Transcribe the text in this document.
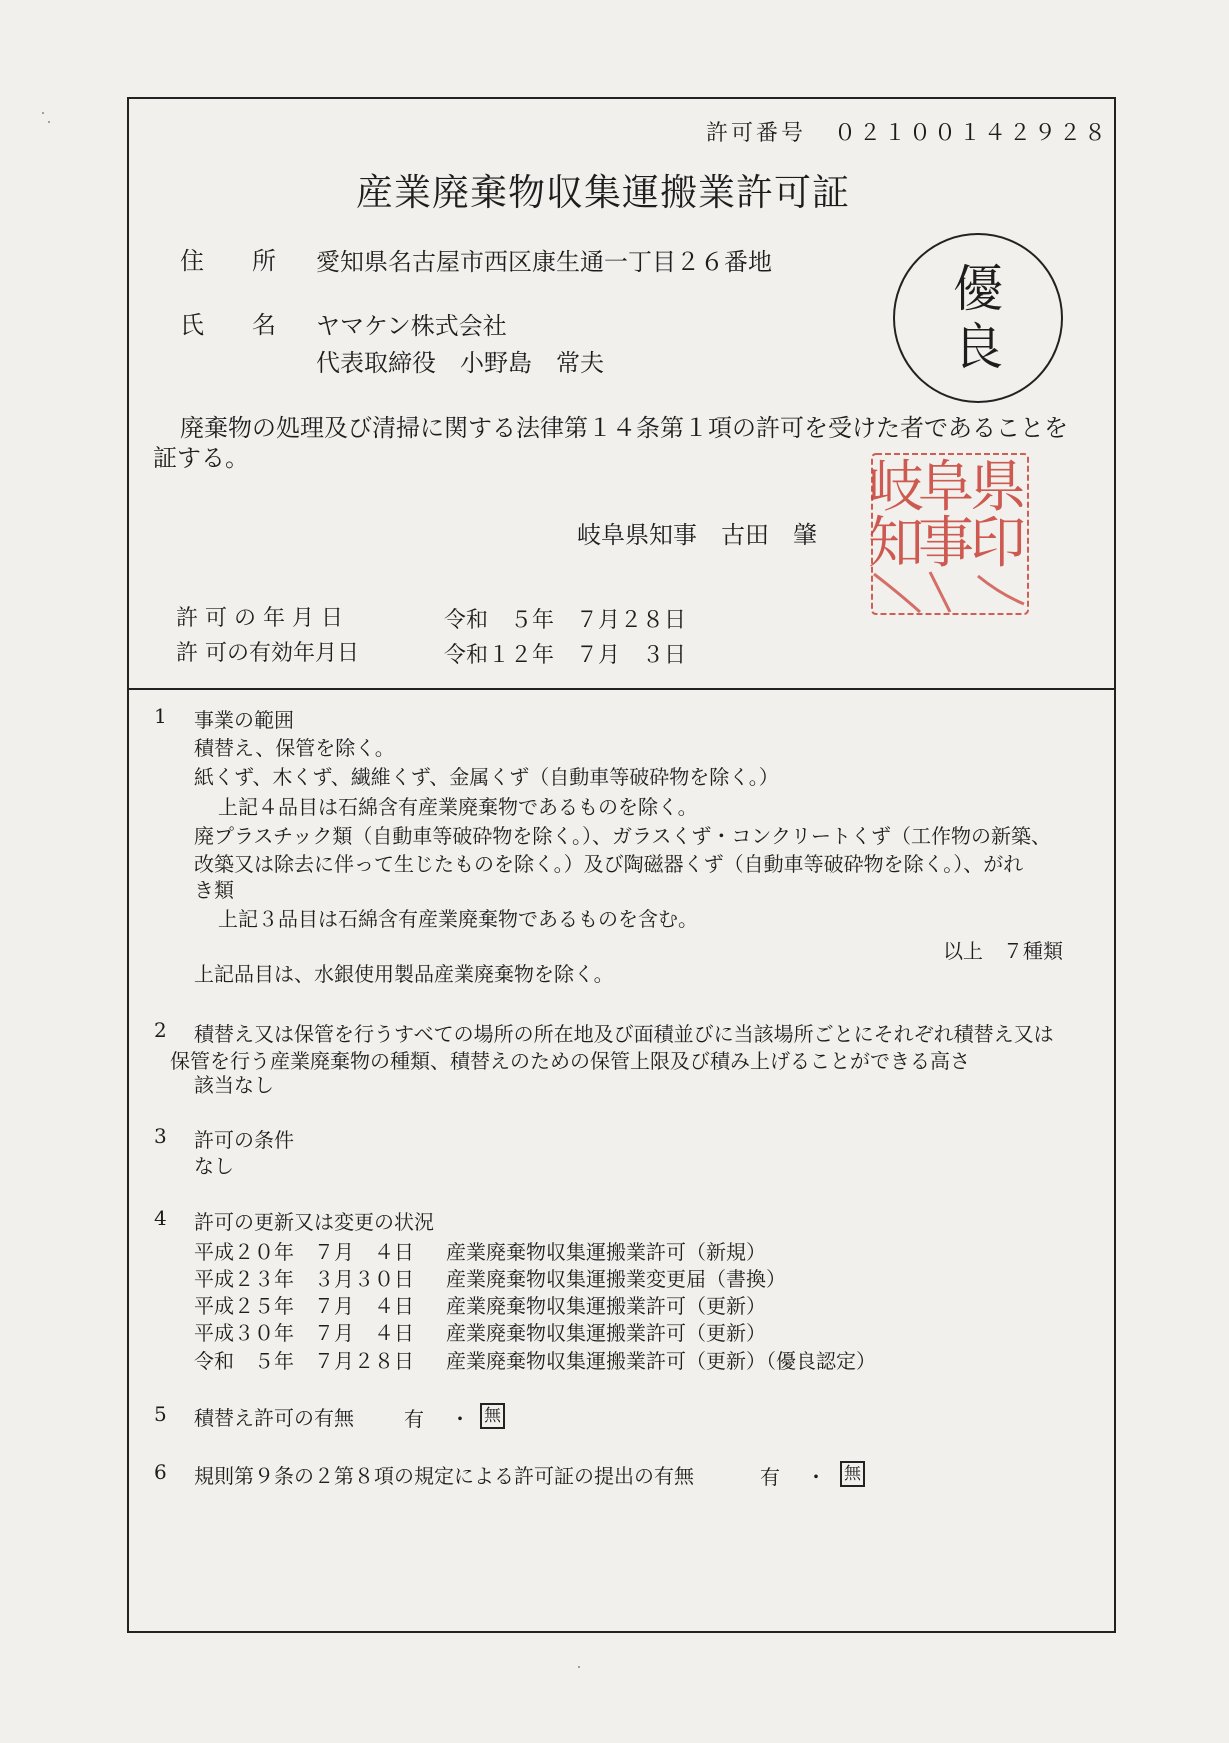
許可番号 ０２１００１４２９２８
産業廃棄物収集運搬業許可証
住所
愛知県名古屋市西区康生通一丁目２６番地
氏名
ヤマケン株式会社
代表取締役　小野島　常夫
優
良
廃棄物の処理及び清掃に関する法律第１４条第１項の許可を受けた者であることを
証する。
岐阜県知事　古田　肇
県
阜
岐
印
事
知
許 可 の 年 月 日	令和　５年　７月２８日
許 可の有効年月日	令和１２年　７月　３日
1 事業の範囲
積替え、保管を除く。
紙くず、木くず、繊維くず、金属くず（自動車等破砕物を除く。）
上記４品目は石綿含有産業廃棄物であるものを除く。
廃プラスチック類（自動車等破砕物を除く。）、ガラスくず・コンクリートくず（工作物の新築、
改築又は除去に伴って生じたものを除く。）及び陶磁器くず（自動車等破砕物を除く。）、がれ
き類
上記３品目は石綿含有産業廃棄物であるものを含む。
以上　７種類
上記品目は、水銀使用製品産業廃棄物を除く。
2 積替え又は保管を行うすべての場所の所在地及び面積並びに当該場所ごとにそれぞれ積替え又は
保管を行う産業廃棄物の種類、積替えのための保管上限及び積み上げることができる高さ
該当なし
3 許可の条件
なし
4 許可の更新又は変更の状況
平成２０年　７月　４日 産業廃棄物収集運搬業許可（新規）
平成２３年　３月３０日 産業廃棄物収集運搬業変更届（書換）
平成２５年　７月　４日 産業廃棄物収集運搬業許可（更新）
平成３０年　７月　４日 産業廃棄物収集運搬業許可（更新）
令和　５年　７月２８日 産業廃棄物収集運搬業許可（更新）（優良認定）
5 積替え許可の有無	有 ・ 無
6 規則第９条の２第８項の規定による許可証の提出の有無	有 ・ 無
